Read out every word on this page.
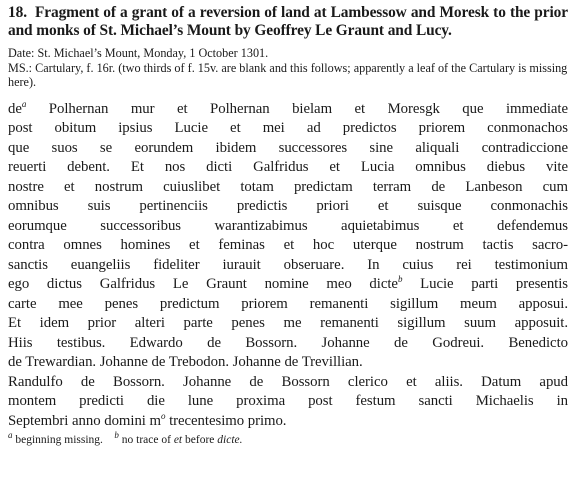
18. Fragment of a grant of a reversion of land at Lambessow and Moresk to the prior and monks of St. Michael’s Mount by Geoffrey Le Graunt and Lucy.

Date: St. Michael’s Mount, Monday, 1 October 1301.

MS.: Cartulary, f. 16r. (two thirds of f. 15v. are blank and this follows; apparently a leaf of the Cartulary is missing here).

$de^a$ Polhernan mur et Polhernan bielam et Moresgk que immediate
post obitum ipsius Lucie et mei ad predictos priorem conmonachos
que suos se eorundem ibidem successores sine aliquali contradiccione
reuerti debent. Et nos dicti Galfridus et Lucia omnibus diebus vite
nostre et nostrum cuiuslibet totam predictam terram de Lanbeson cum
omnibus suis pertinenciis predictis priori et suisque conmonachis
eorumque successoribus warantizabimus aquietabimus et defendemus
contra omnes homines et feminas et hoc uterque nostrum tactis sacro-
sanctis euangeliis fideliter iurauit obseruare. In cuius rei testimonium
ego dictus Galfridus Le Graunt nomine meo dicte$^b$ Lucie parti presentis
carte mee penes predictum priorem remanenti sigillum meum apposui.
Et idem prior alteri parte penes me remanenti sigillum suum apposuit.
Hiis testibus. Edwardo de Bossorn. Johanne de Godreui. Benedicto
de Trewardian. Johanne de Trebodon. Johanne de Trevillian.
Randulfo de Bossorn. Johanne de Bossorn clerico et aliis. Datum apud
montem predicti die lune proxima post festum sancti Michaelis in
Septembri anno domini $m^o$ trecentesimo primo.
$^a$ beginning missing. $^b$ no trace of et before dicte.
